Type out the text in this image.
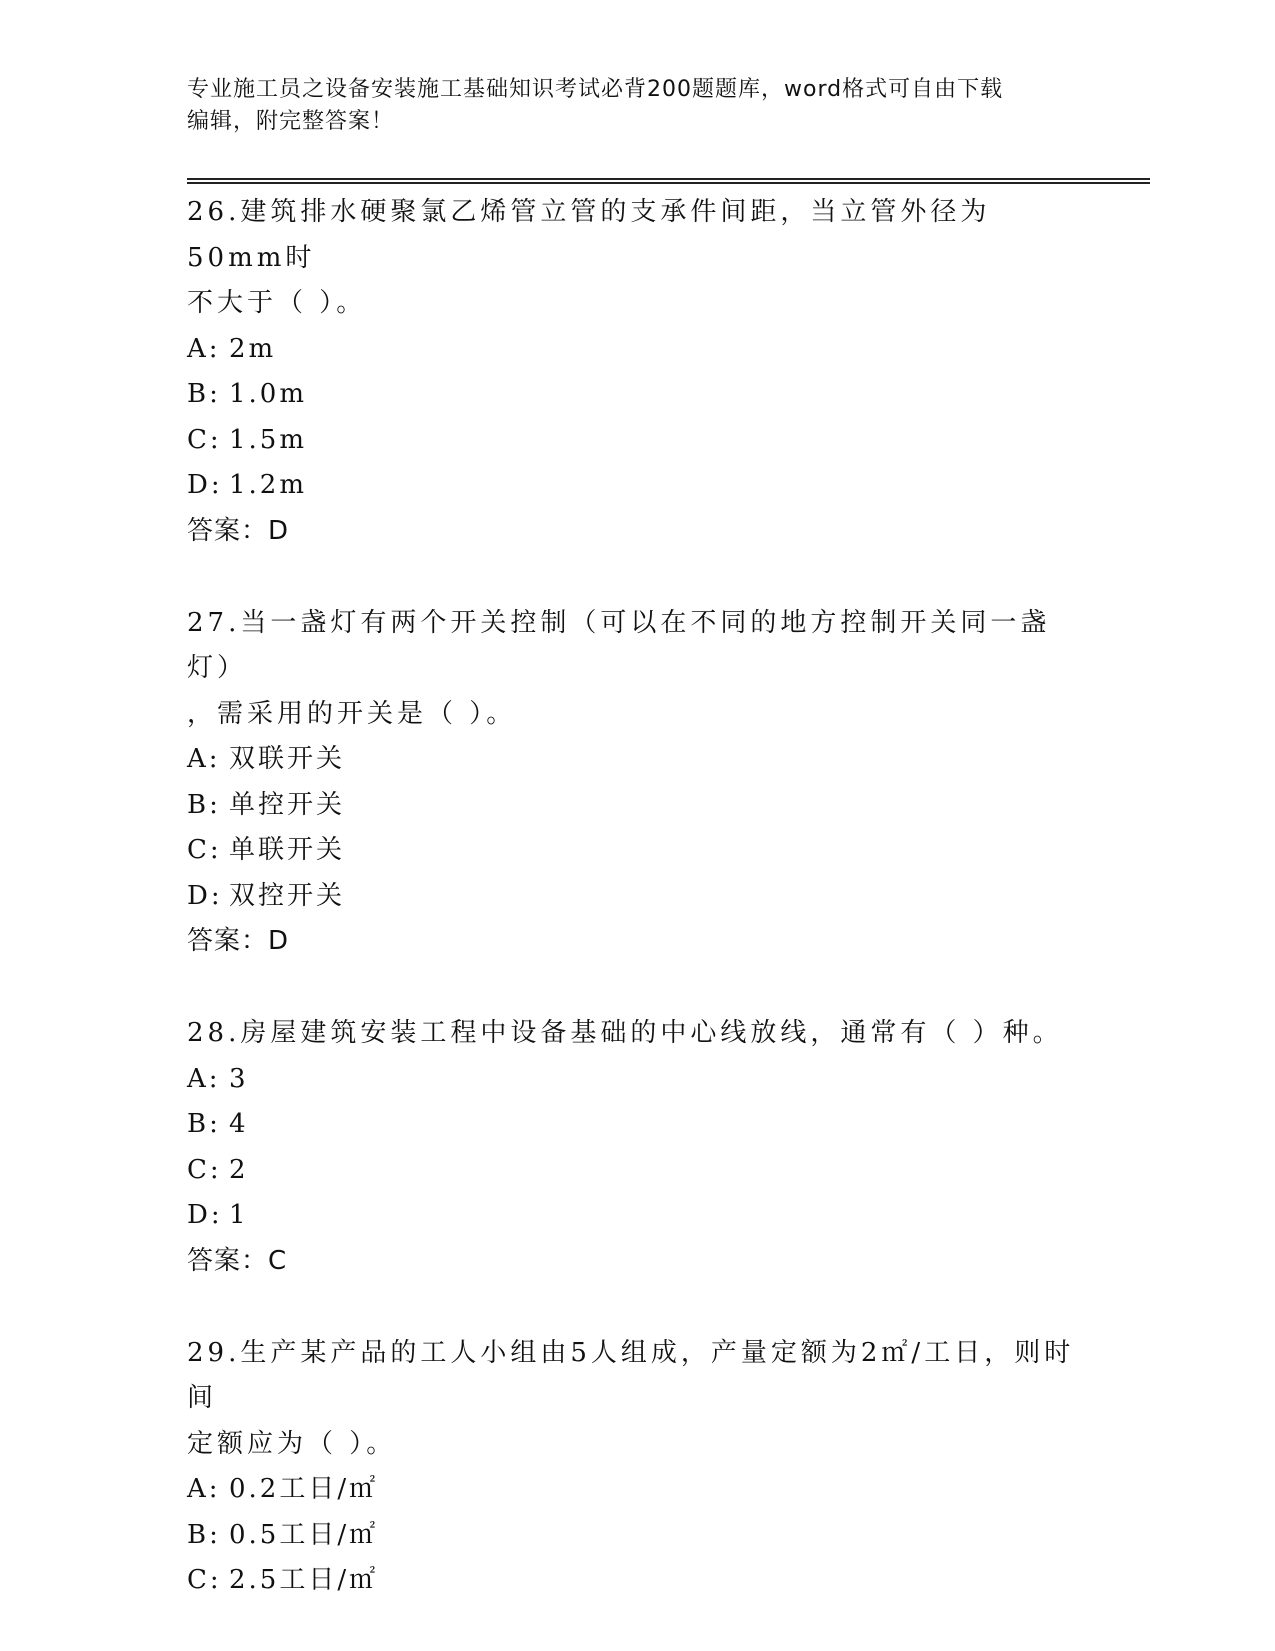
专业施工员之设备安装施工基础知识考试必背200题题库，word格式可自由下载
编辑，附完整答案！
26.建筑排水硬聚氯乙烯管立管的支承件间距，当立管外径为50mm时
不大于（ ）。
A: 2m
B: 1.0m
C: 1.5m
D: 1.2m
答案：D
27.当一盏灯有两个开关控制（可以在不同的地方控制开关同一盏灯）
，需采用的开关是（ ）。
A: 双联开关
B: 单控开关
C: 单联开关
D: 双控开关
答案：D
28.房屋建筑安装工程中设备基础的中心线放线，通常有（ ）种。
A: 3
B: 4
C: 2
D: 1
答案：C
29.生产某产品的工人小组由5人组成，产量定额为2㎡/工日，则时间
定额应为（ ）。
A: 0.2工日/㎡
B: 0.5工日/㎡
C: 2.5工日/㎡
